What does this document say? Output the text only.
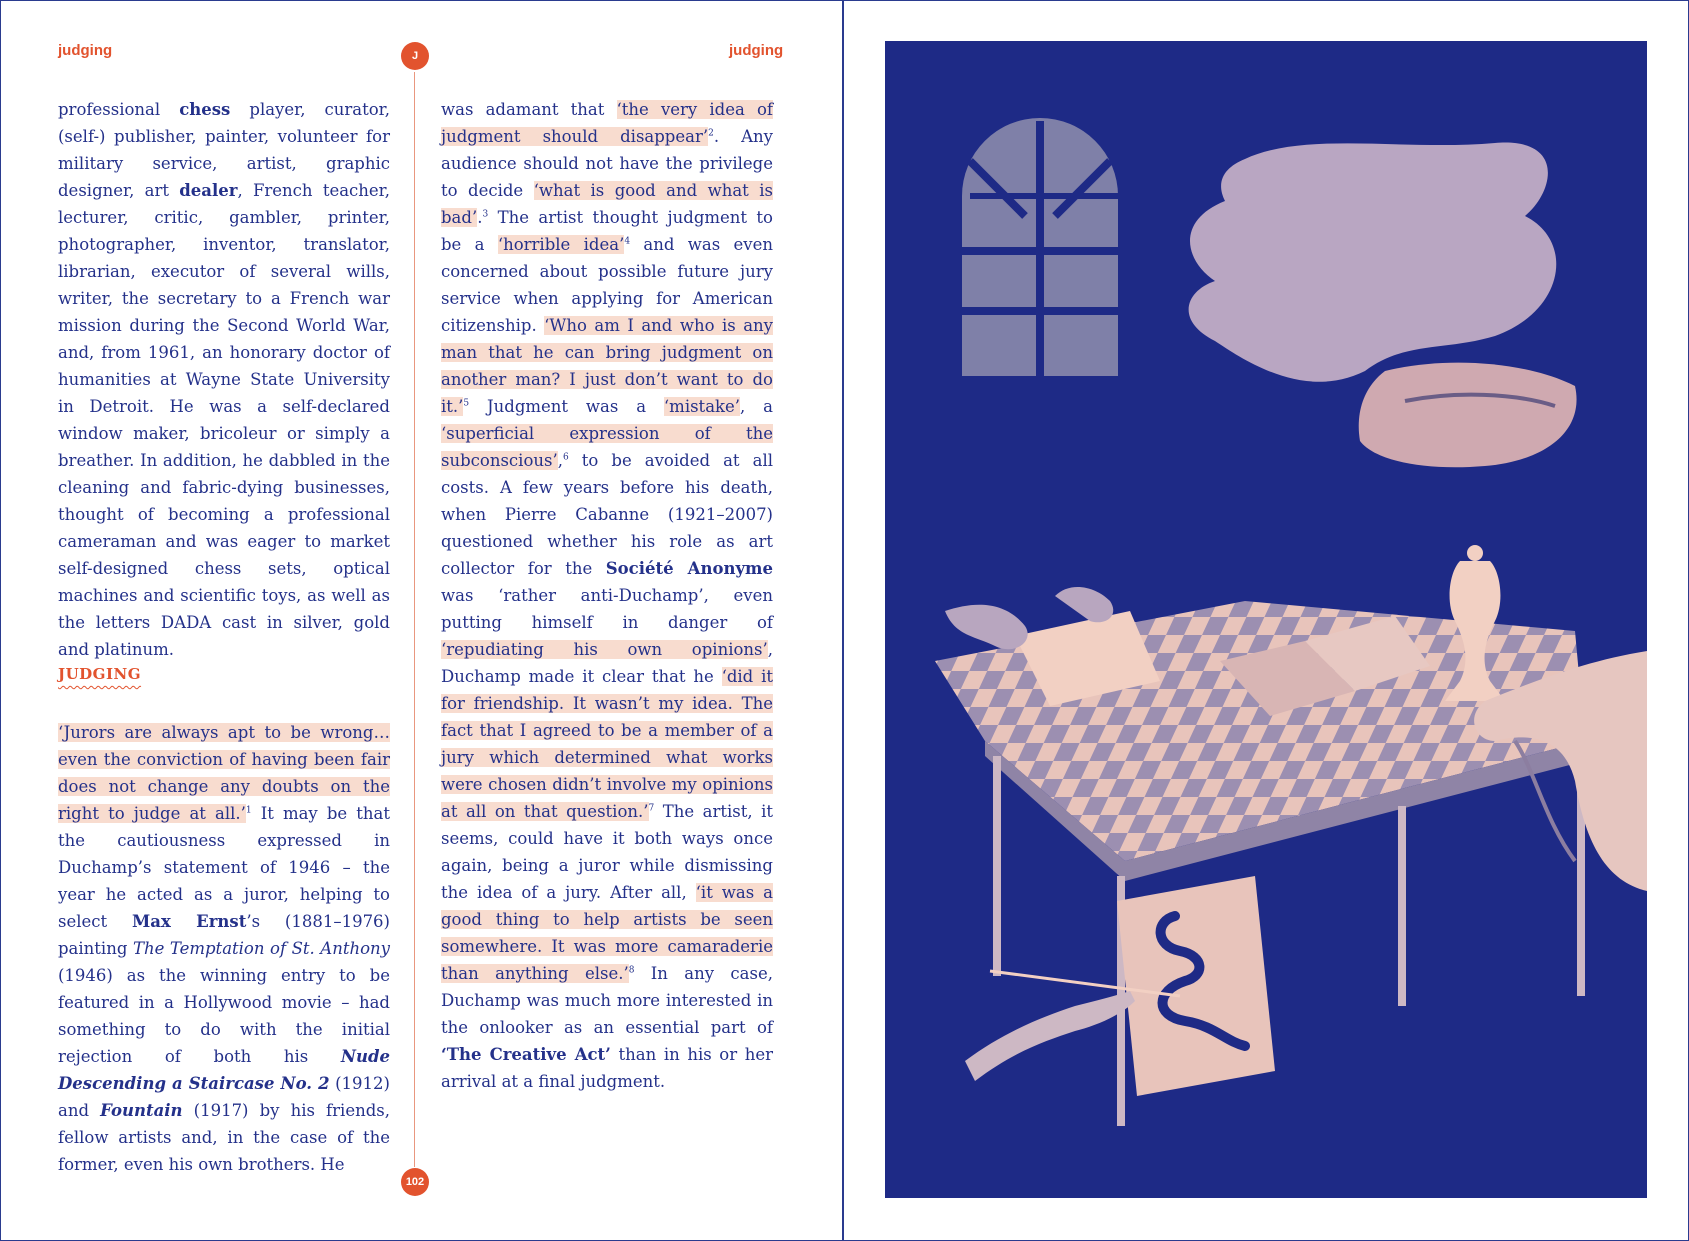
judging	judging
J
102

professional chess player, curator, (self-) publisher, painter, volunteer for military service, artist, graphic designer, art dealer, French teacher, lecturer, critic, gambler, printer, photographer, inventor, translator, librarian, executor of several wills, writer, the secretary to a French war mission during the Second World War, and, from 1961, an honorary doctor of humanities at Wayne State University in Detroit. He was a self-declared window maker, bricoleur or simply a breather. In addition, he dabbled in the cleaning and fabric-dying businesses, thought of becoming a professional cameraman and was eager to market self-designed chess sets, optical machines and scientific toys, as well as the letters DADA cast in silver, gold and platinum.

JUDGING

‘Jurors are always apt to be wrong…even the conviction of having been fair does not change any doubts on the right to judge at all.’$^1$ It may be that the cautiousness expressed in Duchamp’s statement of 1946 – the year he acted as a juror, helping to select Max Ernst’s (1881–1976) painting The Temptation of St. Anthony (1946) as the winning entry to be featured in a Hollywood movie – had something to do with the initial rejection of both his Nude Descending a Staircase No. 2 (1912) and Fountain (1917) by his friends, fellow artists and, in the case of the former, even his own brothers. He

was adamant that ‘the very idea of judgment should disappear’$^2$. Any audience should not have the privilege to decide ‘what is good and what is bad’.$^3$ The artist thought judgment to be a ‘horrible idea’$^4$ and was even concerned about possible future jury service when applying for American citizenship. ‘Who am I and who is any man that he can bring judgment on another man? I just don’t want to do it.’$^5$ Judgment was a ‘mistake’, a ‘superficial expression of the subconscious’,$^6$ to be avoided at all costs. A few years before his death, when Pierre Cabanne (1921–2007) questioned whether his role as art collector for the Société Anonyme was ‘rather anti-Duchamp’, even putting himself in danger of ‘repudiating his own opinions’, Duchamp made it clear that he ‘did it for friendship. It wasn’t my idea. The fact that I agreed to be a member of a jury which determined what works were chosen didn’t involve my opinions at all on that question.’$^7$ The artist, it seems, could have it both ways once again, being a juror while dismissing the idea of a jury. After all, ‘it was a good thing to help artists be seen somewhere. It was more camaraderie than anything else.’$^8$ In any case, Duchamp was much more interested in the onlooker as an essential part of ‘The Creative Act’ than in his or her arrival at a final judgment.
